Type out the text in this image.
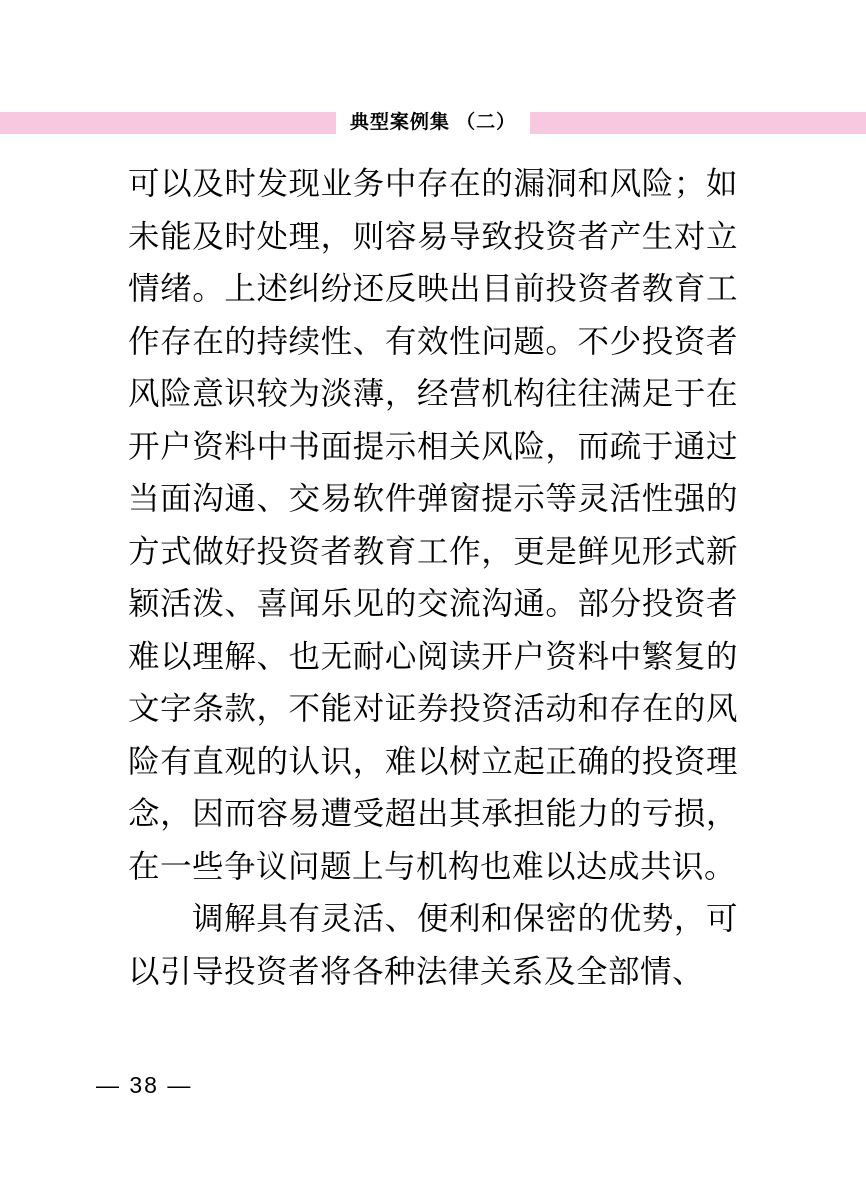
典型案例集 （二）

可以及时发现业务中存在的漏洞和风险；如未能及时处理，则容易导致投资者产生对立情绪。上述纠纷还反映出目前投资者教育工作存在的持续性、有效性问题。不少投资者风险意识较为淡薄，经营机构往往满足于在开户资料中书面提示相关风险，而疏于通过当面沟通、交易软件弹窗提示等灵活性强的方式做好投资者教育工作，更是鲜见形式新颖活泼、喜闻乐见的交流沟通。部分投资者难以理解、也无耐心阅读开户资料中繁复的文字条款，不能对证券投资活动和存在的风险有直观的认识，难以树立起正确的投资理念，因而容易遭受超出其承担能力的亏损，在一些争议问题上与机构也难以达成共识。

调解具有灵活、便利和保密的优势，可以引导投资者将各种法律关系及全部情、

— 38 —
